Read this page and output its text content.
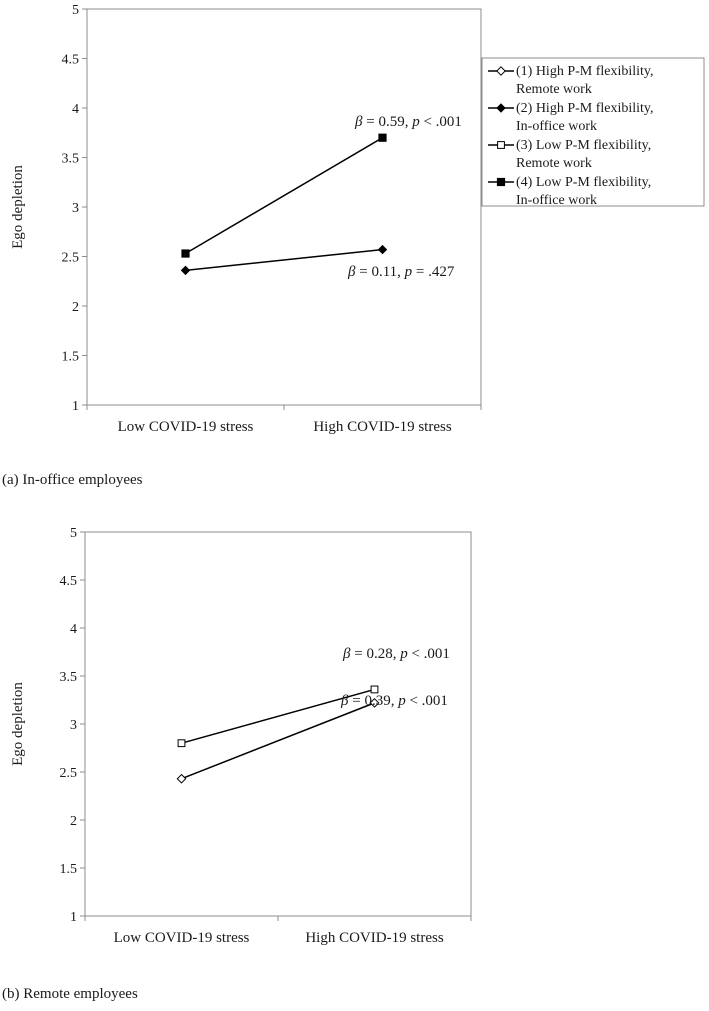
1
1.5
2
2.5
3
3.5
4
4.5
5
Low COVID-19 stress	High COVID-19 stress
Ego depletion
β = 0.59, p < .001
β = 0.11, p = .427
(1) High P-M flexibility,
Remote work
(2) High P-M flexibility,
In-office work
(3) Low P-M flexibility,
Remote work
(4) Low P-M flexibility,
In-office work
1
1.5
2
2.5
3
3.5
4
4.5
5
Low COVID-19 stress	High COVID-19 stress
Ego depletion
β = 0.28, p < .001
β = 0.39, p < .001
(a) In-office employees
(b) Remote employees
